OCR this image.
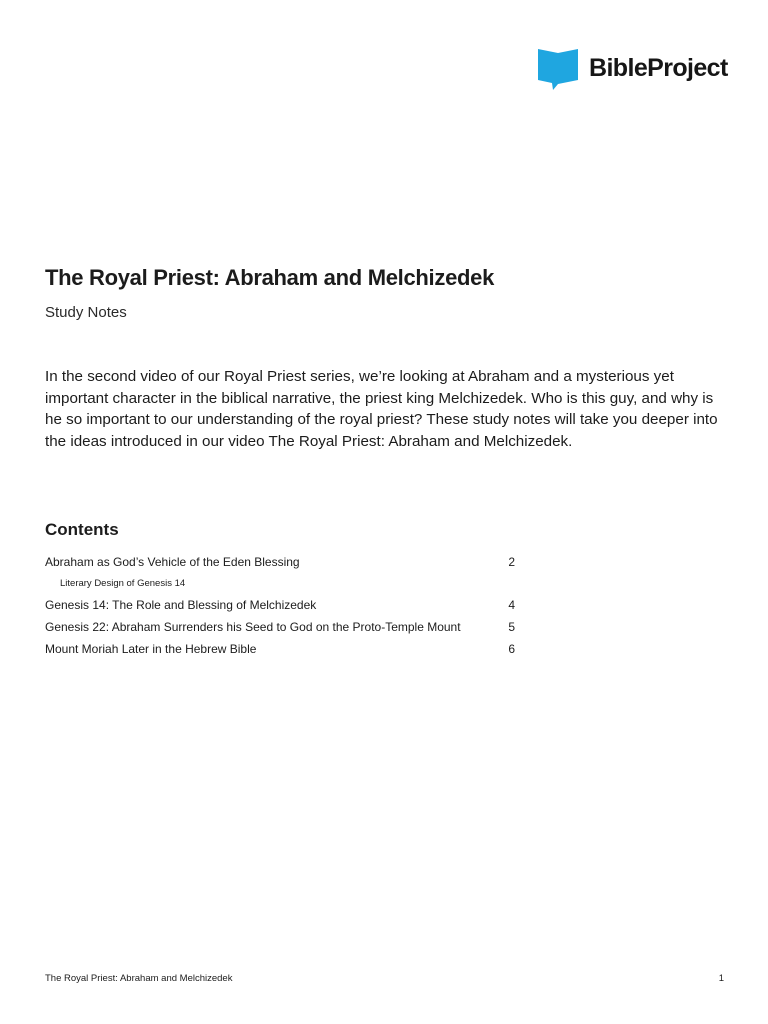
BibleProject
The Royal Priest: Abraham and Melchizedek
Study Notes

In the second video of our Royal Priest series, we’re looking at Abraham and a mysterious yet important character in the biblical narrative, the priest king Melchizedek. Who is this guy, and why is he so important to our understanding of the royal priest? These study notes will take you deeper into the ideas introduced in our video The Royal Priest: Abraham and Melchizedek.

Contents
Abraham as God’s Vehicle of the Eden Blessing	2
Literary Design of Genesis 14
Genesis 14: The Role and Blessing of Melchizedek	4
Genesis 22: Abraham Surrenders his Seed to God on the Proto-Temple Mount	5
Mount Moriah Later in the Hebrew Bible	6
The Royal Priest: Abraham and Melchizedek	1
